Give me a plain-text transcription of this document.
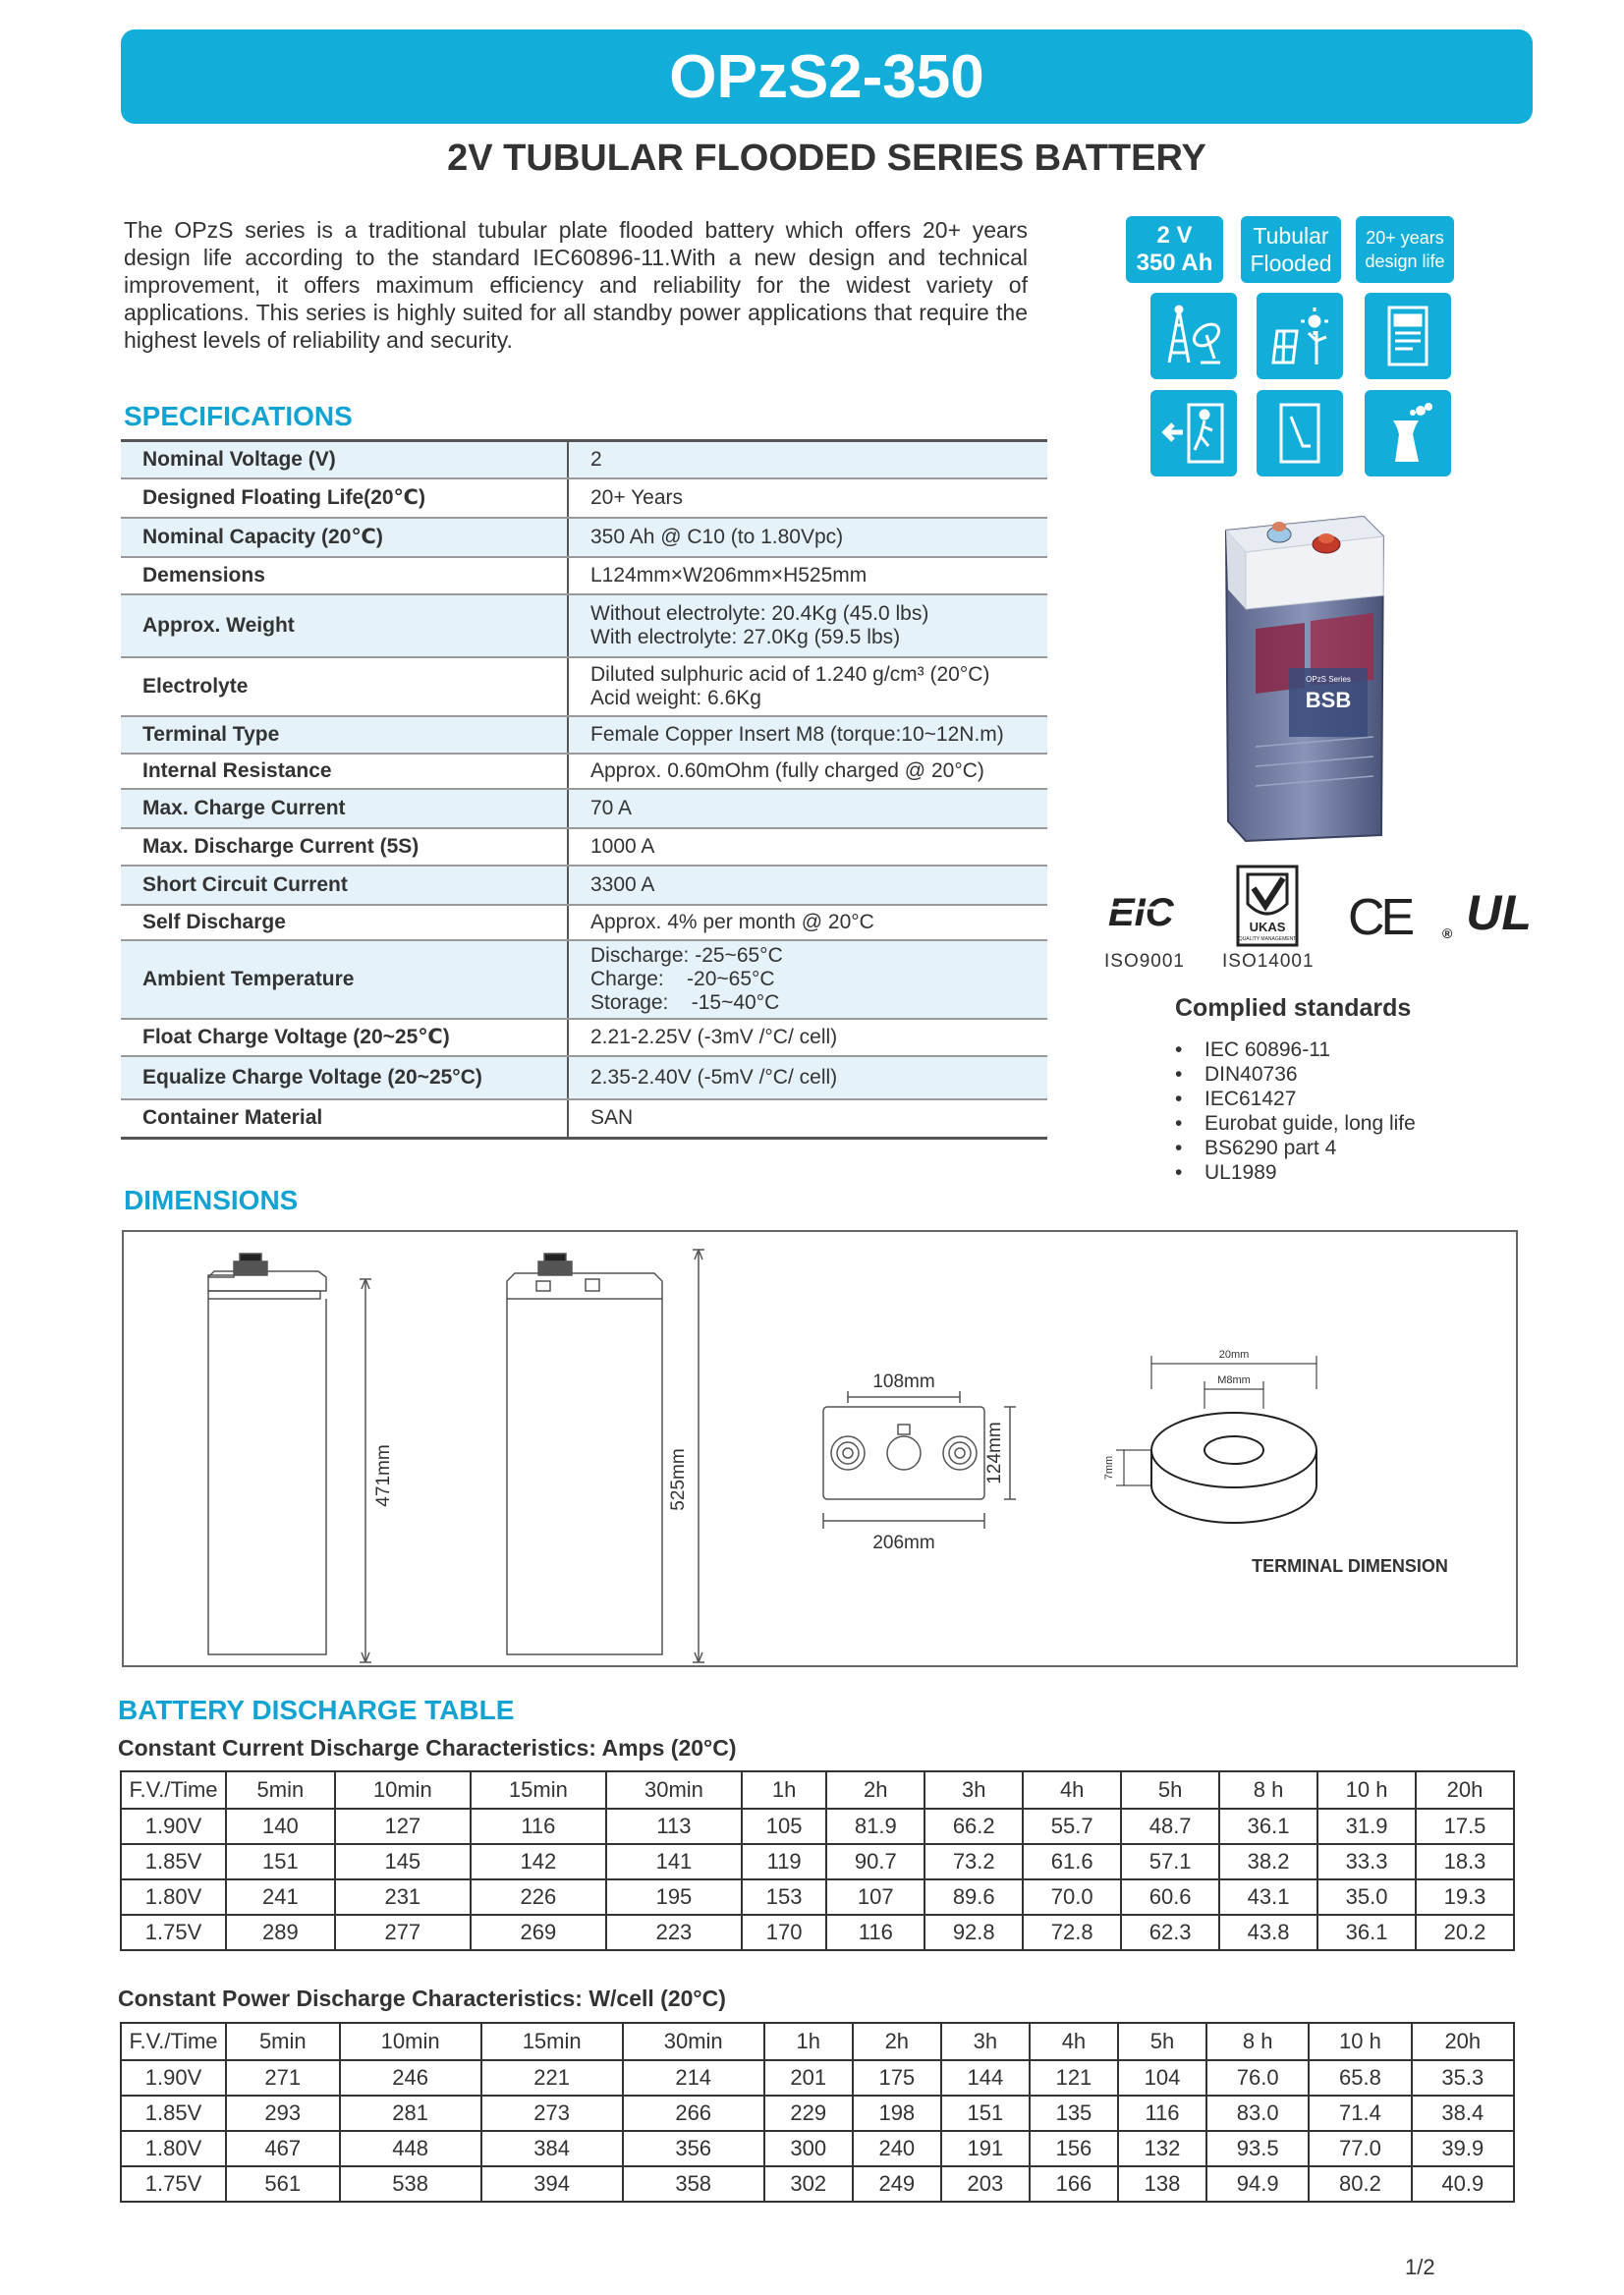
OPzS2-350
2V TUBULAR FLOODED SERIES BATTERY

The OPzS series is a traditional tubular plate flooded battery which offers 20+ years design life according to the standard IEC60896-11.With a new design and technical improvement, it offers maximum efficiency and reliability for the widest variety of applications. This series is highly suited for all standby power applications that require the highest levels of reliability and security.

2 V
350 Ah
Tubular
Flooded
20+ years
design life
SPECIFICATIONS
Nominal Voltage (V)	2

Designed Floating Life(20℃)	20+ Years

Nominal Capacity (20℃)	350 Ah @ C10 (to 1.80Vpc)

Demensions	L124mm×W206mm×H525mm

Approx. Weight	Without electrolyte: 20.4Kg (45.0 lbs)
With electrolyte: 27.0Kg (59.5 lbs)

Electrolyte	Diluted sulphuric acid of 1.240 g/cm³ (20°C)
Acid weight: 6.6Kg

Terminal Type	Female Copper Insert M8 (torque:10~12N.m)

Internal Resistance	Approx. 0.60mOhm (fully charged @ 20°C)

Max. Charge Current	70 A

Max. Discharge Current (5S)	1000 A

Short Circuit Current	3300 A

Self Discharge	Approx. 4% per month @ 20°C

Ambient Temperature	Discharge: -25~65°C
Charge:    -20~65°C
Storage:    -15~40°C

Float Charge Voltage (20~25℃)	2.21-2.25V (-3mV /°C/ cell)

Equalize Charge Voltage (20~25°C)	2.35-2.40V (-5mV /°C/ cell)

Container Material	SAN
OPzS Series
BSB
EIC	UKAS
QUALITY MANAGEMENT CE ® UL
ISO9001 ISO14001
Complied standards
• IEC 60896-11
• DIN40736
• IEC61427
• Eurobat guide, long life
• BS6290 part 4
• UL1989
DIMENSIONS
471mm	525mm
108mm
206mm
124mm
20mm
M8mm
7mm
TERMINAL DIMENSION
BATTERY DISCHARGE TABLE
Constant Current Discharge Characteristics: Amps (20°C)
F.V./Time	5min	10min	15min	30min	1h	2h	3h	4h	5h	8 h	10 h	20h
1.90V	140	127	116	113	105	81.9	66.2	55.7	48.7	36.1	31.9	17.5
1.85V	151	145	142	141	119	90.7	73.2	61.6	57.1	38.2	33.3	18.3
1.80V	241	231	226	195	153	107	89.6	70.0	60.6	43.1	35.0	19.3
1.75V	289	277	269	223	170	116	92.8	72.8	62.3	43.8	36.1	20.2
Constant Power Discharge Characteristics: W/cell (20°C)
F.V./Time	5min	10min	15min	30min	1h	2h	3h	4h	5h	8 h	10 h	20h
1.90V	271	246	221	214	201	175	144	121	104	76.0	65.8	35.3
1.85V	293	281	273	266	229	198	151	135	116	83.0	71.4	38.4
1.80V	467	448	384	356	300	240	191	156	132	93.5	77.0	39.9
1.75V	561	538	394	358	302	249	203	166	138	94.9	80.2	40.9
1/2
